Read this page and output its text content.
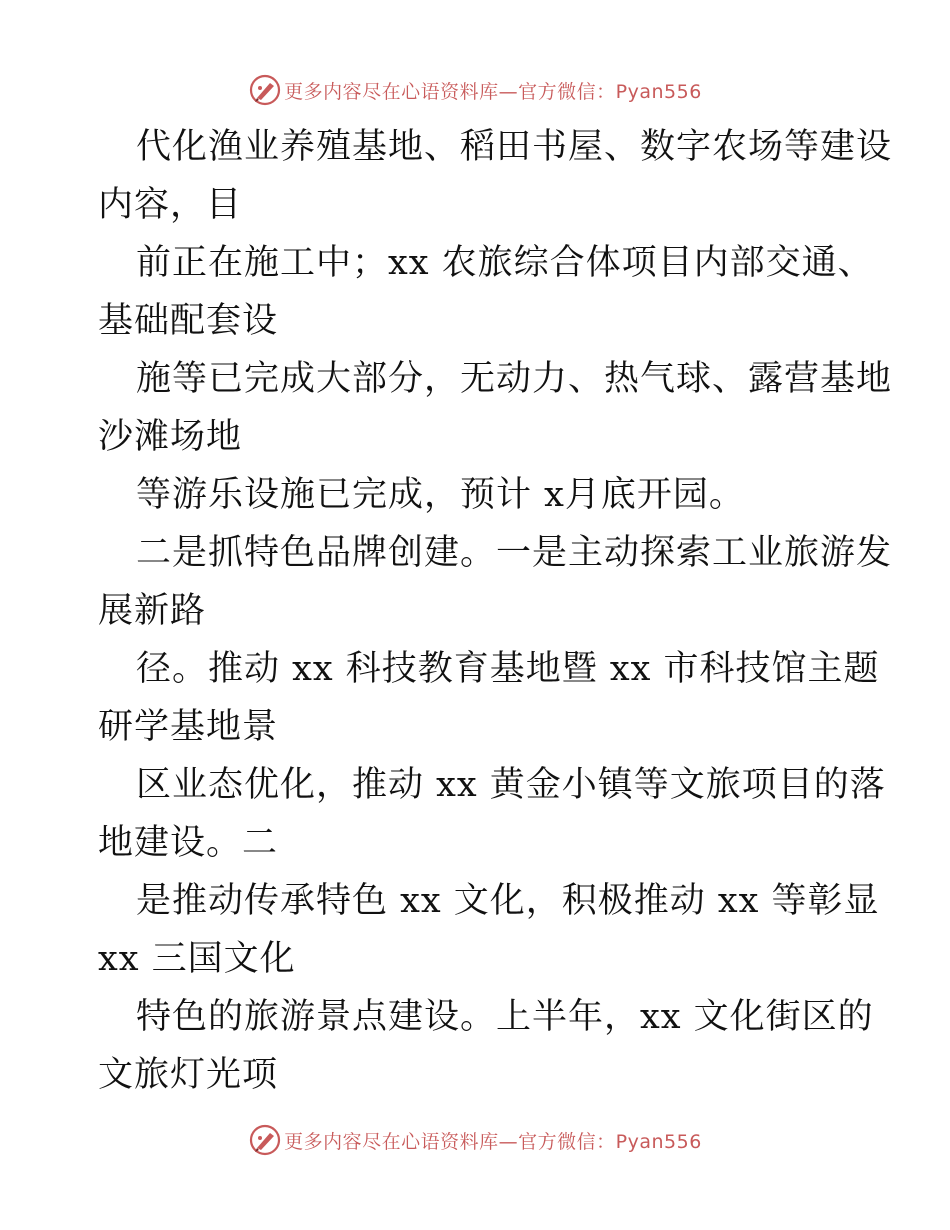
更多内容尽在心语资料库—官方微信：Pyan556
代化渔业养殖基地、稻田书屋、数字农场等建设
内容，目
前正在施工中；xx 农旅综合体项目内部交通、
基础配套设
施等已完成大部分，无动力、热气球、露营基地
沙滩场地
等游乐设施已完成，预计 x月底开园。
二是抓特色品牌创建。一是主动探索工业旅游发
展新路
径。推动 xx 科技教育基地暨 xx 市科技馆主题
研学基地景
区业态优化，推动 xx 黄金小镇等文旅项目的落
地建设。二
是推动传承特色 xx 文化，积极推动 xx 等彰显
xx 三国文化
特色的旅游景点建设。上半年，xx 文化街区的
文旅灯光项
更多内容尽在心语资料库—官方微信：Pyan556
